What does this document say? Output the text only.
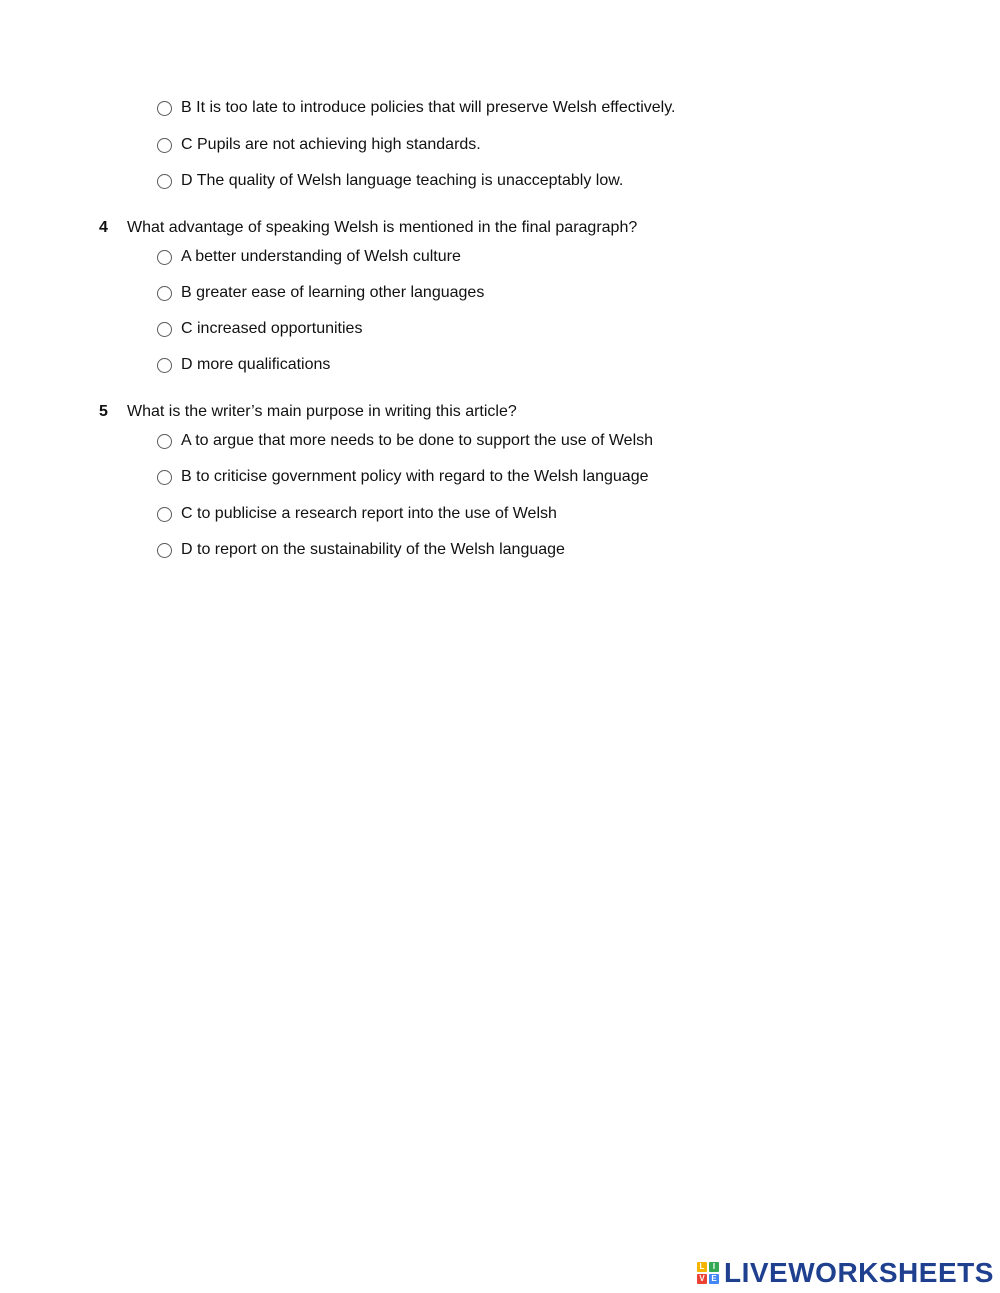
B It is too late to introduce policies that will preserve Welsh effectively.
C Pupils are not achieving high standards.
D The quality of Welsh language teaching is unacceptably low.
4	What advantage of speaking Welsh is mentioned in the final paragraph?
A better understanding of Welsh culture
B greater ease of learning other languages
C increased opportunities
D more qualifications
5	What is the writer’s main purpose in writing this article?
A to argue that more needs to be done to support the use of Welsh
B to criticise government policy with regard to the Welsh language
C to publicise a research report into the use of Welsh
D to report on the sustainability of the Welsh language
L	I
V E LIVEWORKSHEETS
